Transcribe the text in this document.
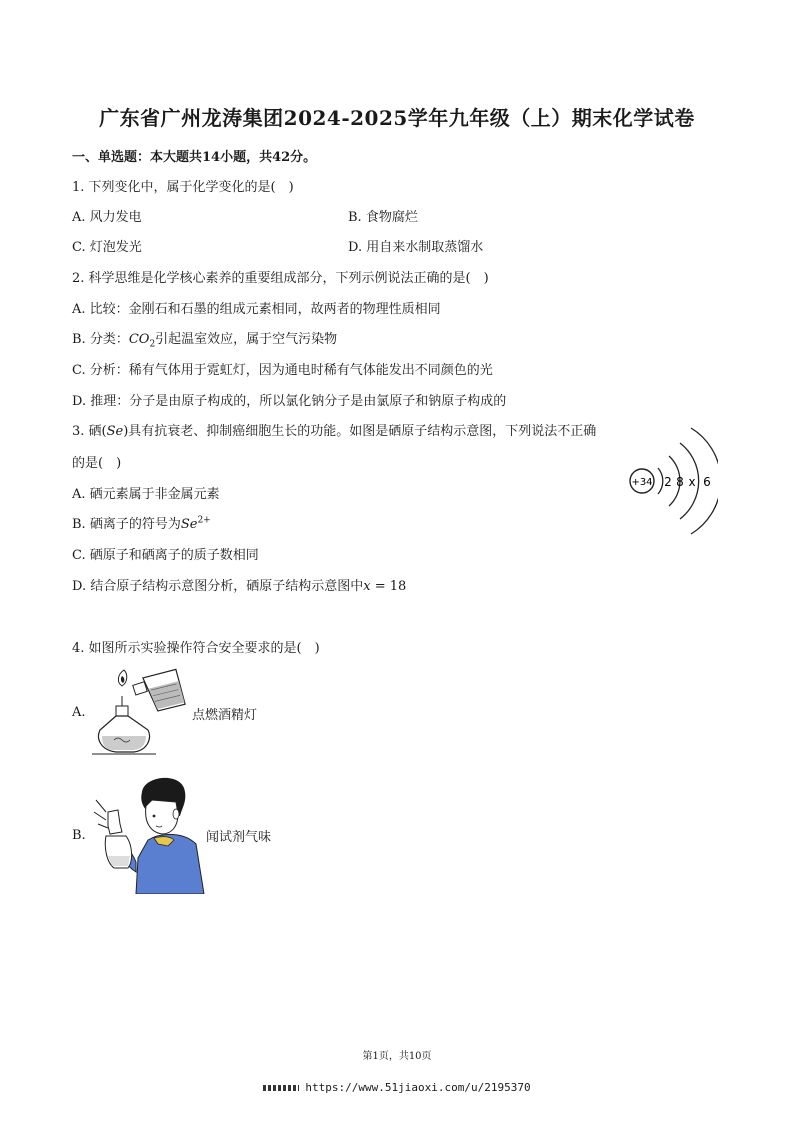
广东省广州龙涛集团2024-2025学年九年级（上）期末化学试卷
一、单选题：本大题共14小题，共42分。
1. 下列变化中，属于化学变化的是(　)
A. 风力发电	B. 食物腐烂
C. 灯泡发光	D. 用自来水制取蒸馏水
2. 科学思维是化学核心素养的重要组成部分，下列示例说法正确的是(　)
A. 比较：金刚石和石墨的组成元素相同，故两者的物理性质相同
B. 分类：$CO_2$引起温室效应，属于空气污染物
C. 分析：稀有气体用于霓虹灯，因为通电时稀有气体能发出不同颜色的光
D. 推理：分子是由原子构成的，所以氯化钠分子是由氯原子和钠原子构成的
3. 硒(Se)具有抗衰老、抑制癌细胞生长的功能。如图是硒原子结构示意图，下列说法不正确
的是(　)
A. 硒元素属于非金属元素
B. 硒离子的符号为$Se^{2+}$
C. 硒原子和硒离子的质子数相同
D. 结合原子结构示意图分析，硒原子结构示意图中x = 18
+34 2 8 x 6
4. 如图所示实验操作符合安全要求的是(　)
A.	点燃酒精灯
B.	闻试剂气味
第1页，共10页
https://www.51jiaoxi.com/u/2195370
